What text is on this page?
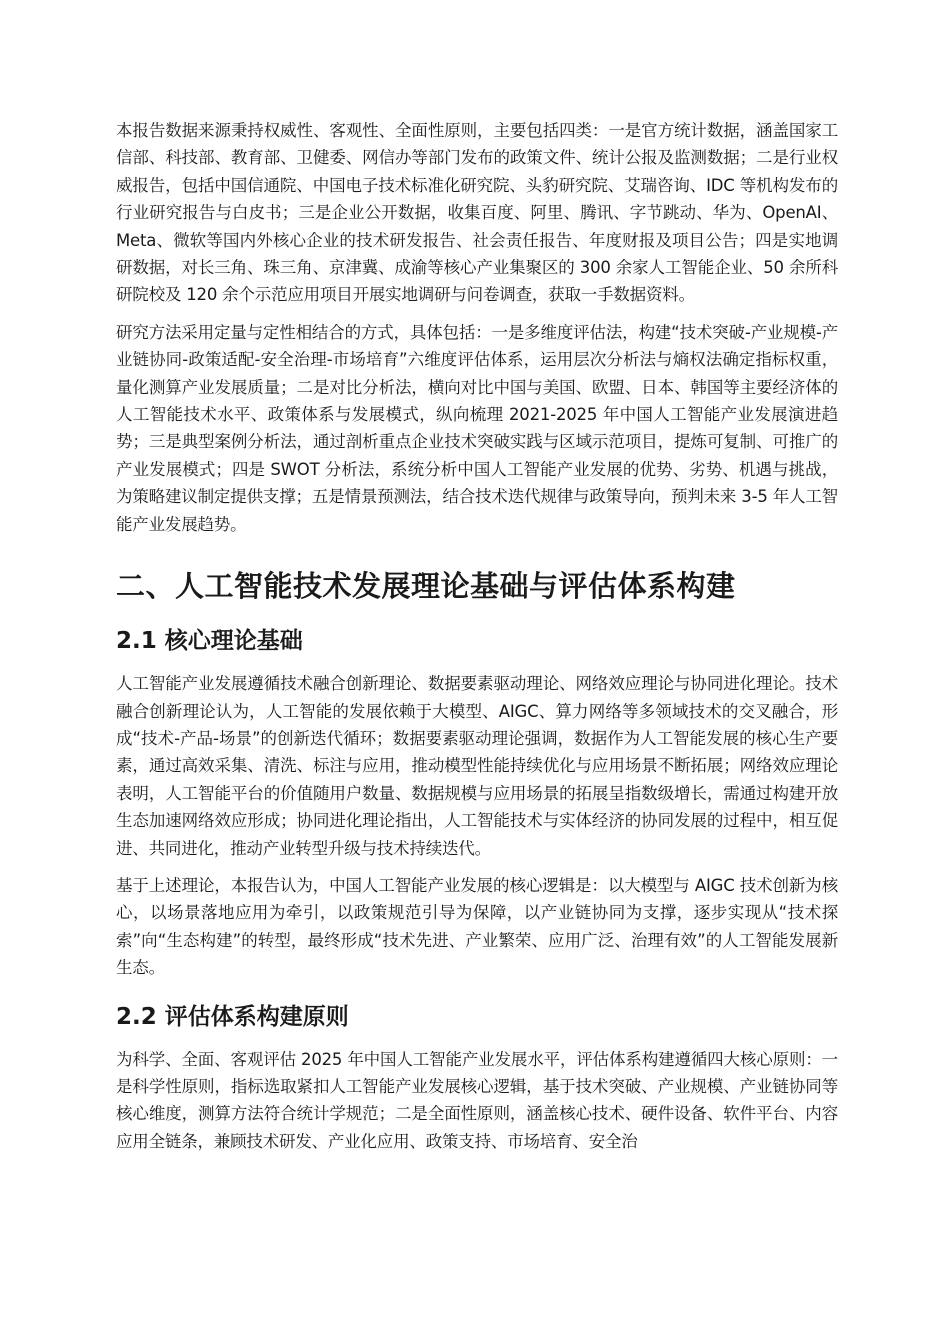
本报告数据来源秉持权威性、客观性、全面性原则，主要包括四类：一是官方统计数据，涵盖国家工信部、科技部、教育部、卫健委、网信办等部门发布的政策文件、统计公报及监测数据；二是行业权威报告，包括中国信通院、中国电子技术标准化研究院、头豹研究院、艾瑞咨询、IDC 等机构发布的行业研究报告与白皮书；三是企业公开数据，收集百度、阿里、腾讯、字节跳动、华为、OpenAI、Meta、微软等国内外核心企业的技术研发报告、社会责任报告、年度财报及项目公告；四是实地调研数据，对长三角、珠三角、京津冀、成渝等核心产业集聚区的 300 余家人工智能企业、50 余所科研院校及 120 余个示范应用项目开展实地调研与问卷调查，获取一手数据资料。

研究方法采用定量与定性相结合的方式，具体包括：一是多维度评估法，构建“技术突破-产业规模-产业链协同-政策适配-安全治理-市场培育”六维度评估体系，运用层次分析法与熵权法确定指标权重，量化测算产业发展质量；二是对比分析法，横向对比中国与美国、欧盟、日本、韩国等主要经济体的人工智能技术水平、政策体系与发展模式，纵向梳理 2021-2025 年中国人工智能产业发展演进趋势；三是典型案例分析法，通过剖析重点企业技术突破实践与区域示范项目，提炼可复制、可推广的产业发展模式；四是 SWOT 分析法，系统分析中国人工智能产业发展的优势、劣势、机遇与挑战，为策略建议制定提供支撑；五是情景预测法，结合技术迭代规律与政策导向，预判未来 3-5 年人工智能产业发展趋势。

二、人工智能技术发展理论基础与评估体系构建
2.1 核心理论基础

人工智能产业发展遵循技术融合创新理论、数据要素驱动理论、网络效应理论与协同进化理论。技术融合创新理论认为，人工智能的发展依赖于大模型、AIGC、算力网络等多领域技术的交叉融合，形成“技术-产品-场景”的创新迭代循环；数据要素驱动理论强调，数据作为人工智能发展的核心生产要素，通过高效采集、清洗、标注与应用，推动模型性能持续优化与应用场景不断拓展；网络效应理论表明，人工智能平台的价值随用户数量、数据规模与应用场景的拓展呈指数级增长，需通过构建开放生态加速网络效应形成；协同进化理论指出，人工智能技术与实体经济的协同发展的过程中，相互促进、共同进化，推动产业转型升级与技术持续迭代。

基于上述理论，本报告认为，中国人工智能产业发展的核心逻辑是：以大模型与 AIGC 技术创新为核心，以场景落地应用为牵引，以政策规范引导为保障，以产业链协同为支撑，逐步实现从“技术探索”向“生态构建”的转型，最终形成“技术先进、产业繁荣、应用广泛、治理有效”的人工智能发展新生态。

2.2 评估体系构建原则

为科学、全面、客观评估 2025 年中国人工智能产业发展水平，评估体系构建遵循四大核心原则：一是科学性原则，指标选取紧扣人工智能产业发展核心逻辑，基于技术突破、产业规模、产业链协同等核心维度，测算方法符合统计学规范；二是全面性原则，涵盖核心技术、硬件设备、软件平台、内容应用全链条，兼顾技术研发、产业化应用、政策支持、市场培育、安全治
